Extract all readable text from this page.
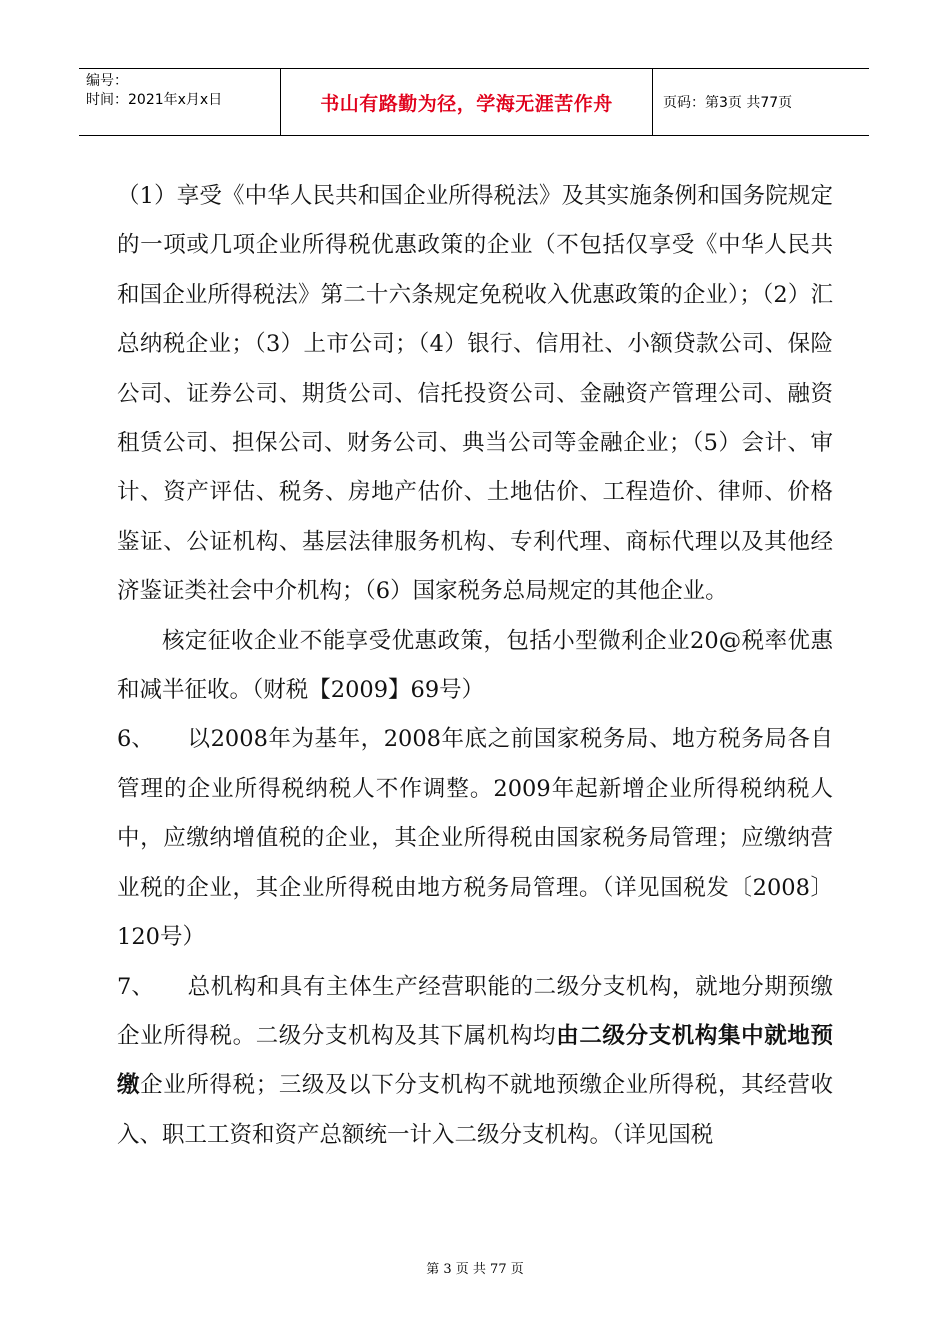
编号：
时间：2021年x月x日	书山有路勤为径，学海无涯苦作舟	页码：第3页 共77页

（1）享受《中华人民共和国企业所得税法》及其实施条例和国务院规定的一项或几项企业所得税优惠政策的企业（不包括仅享受《中华人民共和国企业所得税法》第二十六条规定免税收入优惠政策的企业）；（2）汇总纳税企业；（3）上市公司；（4）银行、信用社、小额贷款公司、保险公司、证券公司、期货公司、信托投资公司、金融资产管理公司、融资租赁公司、担保公司、财务公司、典当公司等金融企业；（5）会计、审计、资产评估、税务、房地产估价、土地估价、工程造价、律师、价格鉴证、公证机构、基层法律服务机构、专利代理、商标代理以及其他经济鉴证类社会中介机构；（6）国家税务总局规定的其他企业。

核定征收企业不能享受优惠政策，包括小型微利企业20@税率优惠和减半征收。（财税【2009】69号）

6、 以2008年为基年，2008年底之前国家税务局、地方税务局各自管理的企业所得税纳税人不作调整。2009年起新增企业所得税纳税人中，应缴纳增值税的企业，其企业所得税由国家税务局管理；应缴纳营业税的企业，其企业所得税由地方税务局管理。（详见国税发〔2008〕120号）

7、 总机构和具有主体生产经营职能的二级分支机构，就地分期预缴企业所得税。二级分支机构及其下属机构均由二级分支机构集中就地预缴企业所得税；三级及以下分支机构不就地预缴企业所得税，其经营收入、职工工资和资产总额统一计入二级分支机构。（详见国税

第 3 页 共 77 页
